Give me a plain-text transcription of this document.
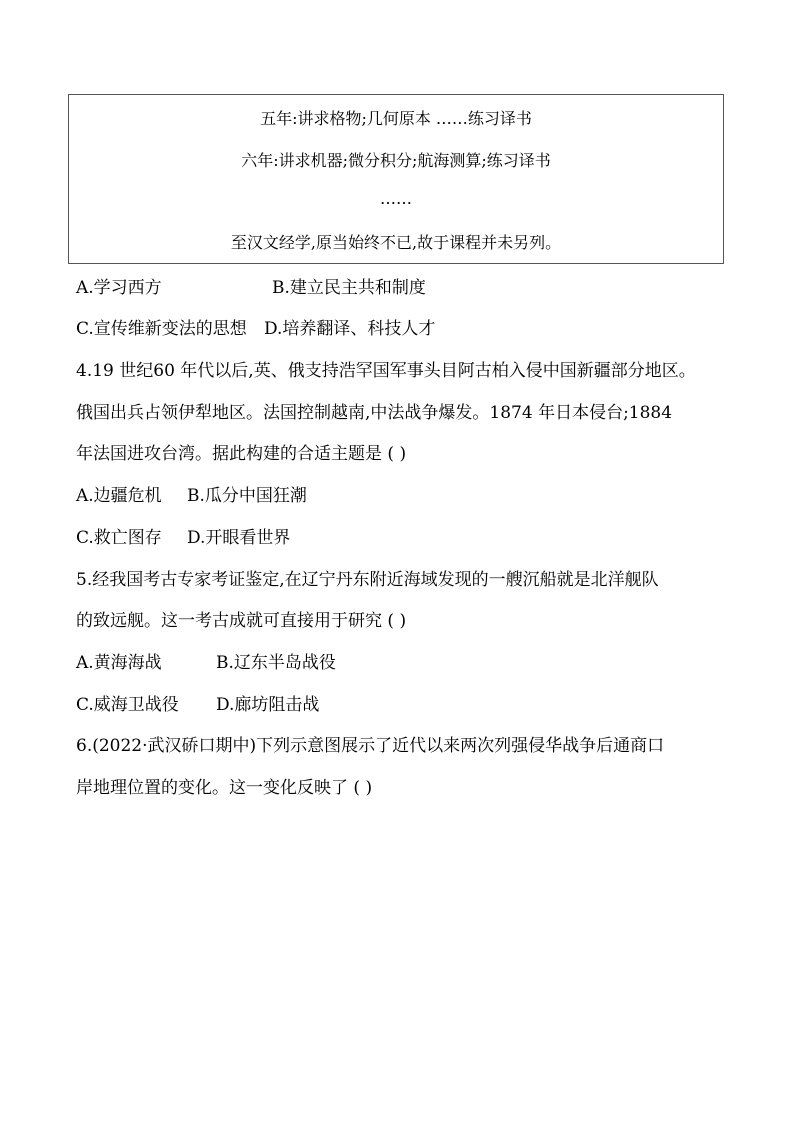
五年:讲求格物;几何原本 ……练习译书
六年:讲求机器;微分积分;航海测算;练习译书
……
至汉文经学,原当始终不已,故于课程并未另列。
A.学习西方	B.建立民主共和制度
C.宣传维新变法的思想 D.培养翻译、科技人才
4.19 世纪60 年代以后,英、俄支持浩罕国军事头目阿古柏入侵中国新疆部分地区。
俄国出兵占领伊犁地区。法国控制越南,中法战争爆发。1874 年日本侵台;1884
年法国进攻台湾。据此构建的合适主题是 ( )
A.边疆危机 B.瓜分中国狂潮
C.救亡图存 D.开眼看世界
5.经我国考古专家考证鉴定,在辽宁丹东附近海域发现的一艘沉船就是北洋舰队
的致远舰。这一考古成就可直接用于研究 ( )
A.黄海海战	B.辽东半岛战役
C.威海卫战役 D.廊坊阻击战
6.(2022·武汉硚口期中)下列示意图展示了近代以来两次列强侵华战争后通商口
岸地理位置的变化。这一变化反映了 ( )
